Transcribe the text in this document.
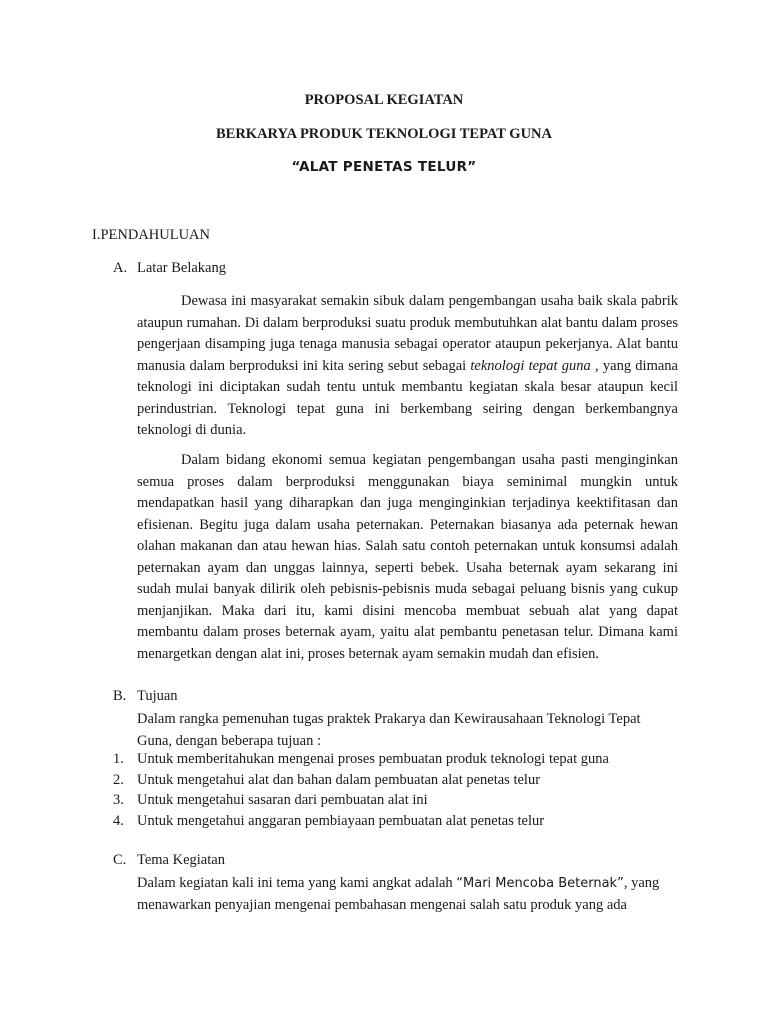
PROPOSAL KEGIATAN
BERKARYA PRODUK TEKNOLOGI TEPAT GUNA
“ALAT PENETAS TELUR”
I.PENDAHULUAN
A. Latar Belakang

Dewasa ini masyarakat semakin sibuk dalam pengembangan usaha baik skala pabrik ataupun rumahan. Di dalam berproduksi suatu produk membutuhkan alat bantu dalam proses pengerjaan disamping juga tenaga manusia sebagai operator ataupun pekerjanya. Alat bantu manusia dalam berproduksi ini kita sering sebut sebagai teknologi tepat guna , yang dimana teknologi ini diciptakan sudah tentu untuk membantu kegiatan skala besar ataupun kecil perindustrian. Teknologi tepat guna ini berkembang seiring dengan berkembangnya teknologi di dunia.

Dalam bidang ekonomi semua kegiatan pengembangan usaha pasti menginginkan semua proses dalam berproduksi menggunakan biaya seminimal mungkin untuk mendapatkan hasil yang diharapkan dan juga menginginkian terjadinya keektifitasan dan efisienan. Begitu juga dalam usaha peternakan. Peternakan biasanya ada peternak hewan olahan makanan dan atau hewan hias. Salah satu contoh peternakan untuk konsumsi adalah peternakan ayam dan unggas lainnya, seperti bebek. Usaha beternak ayam sekarang ini sudah mulai banyak dilirik oleh pebisnis-pebisnis muda sebagai peluang bisnis yang cukup menjanjikan. Maka dari itu, kami disini mencoba membuat sebuah alat yang dapat membantu dalam proses beternak ayam, yaitu alat pembantu penetasan telur. Dimana kami menargetkan dengan alat ini, proses beternak ayam semakin mudah dan efisien.

B. Tujuan

Dalam rangka pemenuhan tugas praktek Prakarya dan Kewirausahaan Teknologi Tepat Guna, dengan beberapa tujuan :

1. Untuk memberitahukan mengenai proses pembuatan produk teknologi tepat guna
2. Untuk mengetahui alat dan bahan dalam pembuatan alat penetas telur
3. Untuk mengetahui sasaran dari pembuatan alat ini
4. Untuk mengetahui anggaran pembiayaan pembuatan alat penetas telur
C. Tema Kegiatan

Dalam kegiatan kali ini tema yang kami angkat adalah “Mari Mencoba Beternak”, yang menawarkan penyajian mengenai pembahasan mengenai salah satu produk yang ada
